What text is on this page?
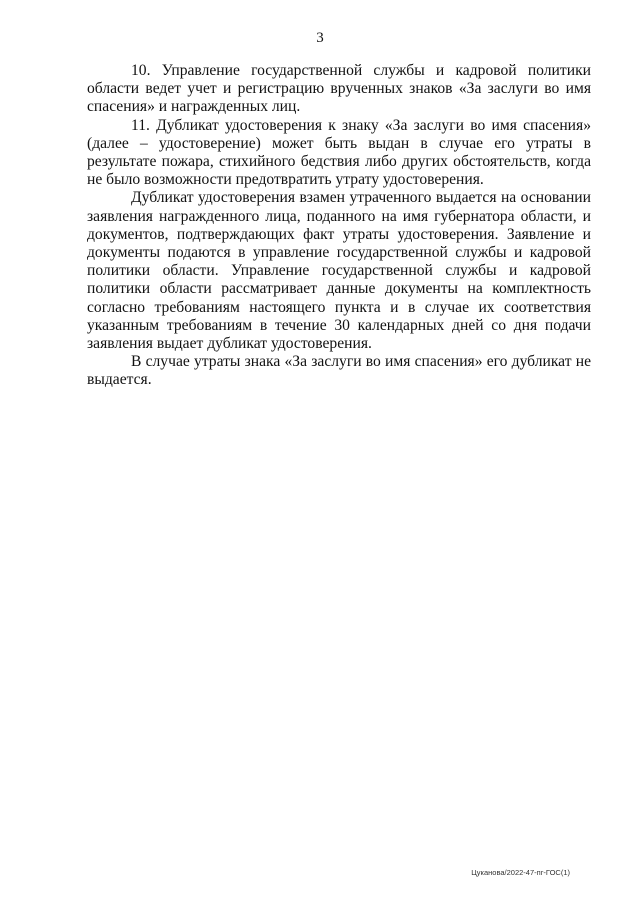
3

10. Управление государственной службы и кадровой политики области ведет учет и регистрацию врученных знаков «За заслуги во имя спасения» и награжденных лиц.

11. Дубликат удостоверения к знаку «За заслуги во имя спасения» (далее – удостоверение) может быть выдан в случае его утраты в результате пожара, стихийного бедствия либо других обстоятельств, когда не было возможности предотвратить утрату удостоверения.

Дубликат удостоверения взамен утраченного выдается на основании заявления награжденного лица, поданного на имя губернатора области, и документов, подтверждающих факт утраты удостоверения. Заявление и документы подаются в управление государственной службы и кадровой политики области. Управление государственной службы и кадровой политики области рассматривает данные документы на комплектность согласно требованиям настоящего пункта и в случае их соответствия указанным требованиям в течение 30 календарных дней со дня подачи заявления выдает дубликат удостоверения.

В случае утраты знака «За заслуги во имя спасения» его дубликат не выдается.

Цуканова/2022-47-пг-ГОС(1)
